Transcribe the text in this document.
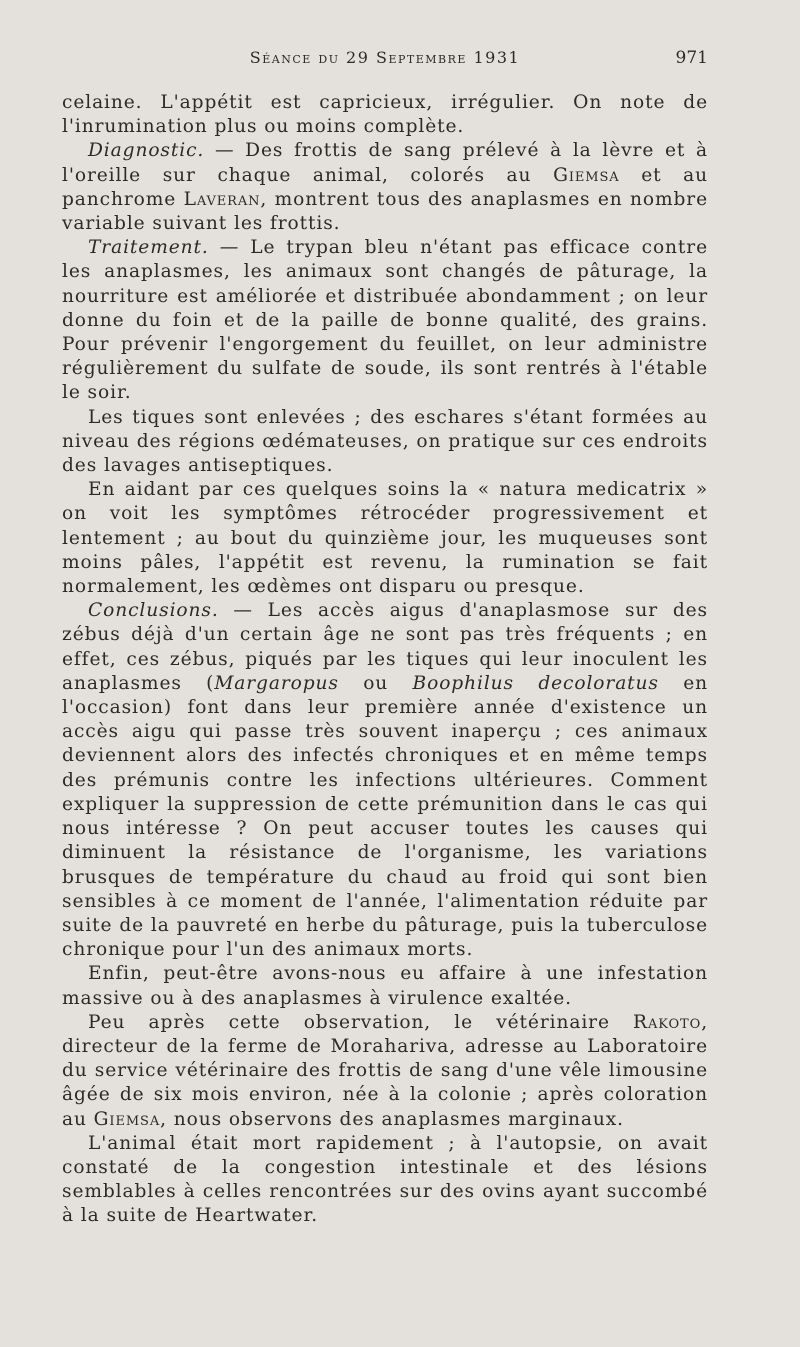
Séance du 29 Septembre 1931	971

celaine. L'appétit est capricieux, irrégulier. On note de l'inrumination plus ou moins complète.

Diagnostic. — Des frottis de sang prélevé à la lèvre et à l'oreille sur chaque animal, colorés au Giemsa et au panchrome Laveran, montrent tous des anaplasmes en nombre variable suivant les frottis.

Traitement. — Le trypan bleu n'étant pas efficace contre les anaplasmes, les animaux sont changés de pâturage, la nourriture est améliorée et distribuée abondamment ; on leur donne du foin et de la paille de bonne qualité, des grains. Pour prévenir l'engorgement du feuillet, on leur administre régulièrement du sulfate de soude, ils sont rentrés à l'étable le soir.

Les tiques sont enlevées ; des eschares s'étant formées au niveau des régions œdémateuses, on pratique sur ces endroits des lavages antiseptiques.

En aidant par ces quelques soins la « natura medicatrix » on voit les symptômes rétrocéder progressivement et lentement ; au bout du quinzième jour, les muqueuses sont moins pâles, l'appétit est revenu, la rumination se fait normalement, les œdèmes ont disparu ou presque.

Conclusions. — Les accès aigus d'anaplasmose sur des zébus déjà d'un certain âge ne sont pas très fréquents ; en effet, ces zébus, piqués par les tiques qui leur inoculent les anaplasmes (Margaropus ou Boophilus decoloratus en l'occasion) font dans leur première année d'existence un accès aigu qui passe très souvent inaperçu ; ces animaux deviennent alors des infectés chroniques et en même temps des prémunis contre les infections ultérieures. Comment expliquer la suppression de cette prémunition dans le cas qui nous intéresse ? On peut accuser toutes les causes qui diminuent la résistance de l'organisme, les variations brusques de température du chaud au froid qui sont bien sensibles à ce moment de l'année, l'alimentation réduite par suite de la pauvreté en herbe du pâturage, puis la tuberculose chronique pour l'un des animaux morts.

Enfin, peut-être avons-nous eu affaire à une infestation massive ou à des anaplasmes à virulence exaltée.

Peu après cette observation, le vétérinaire Rakoto, directeur de la ferme de Morahariva, adresse au Laboratoire du service vétérinaire des frottis de sang d'une vêle limousine âgée de six mois environ, née à la colonie ; après coloration au Giemsa, nous observons des anaplasmes marginaux.

L'animal était mort rapidement ; à l'autopsie, on avait constaté de la congestion intestinale et des lésions semblables à celles rencontrées sur des ovins ayant succombé à la suite de Heartwater.
